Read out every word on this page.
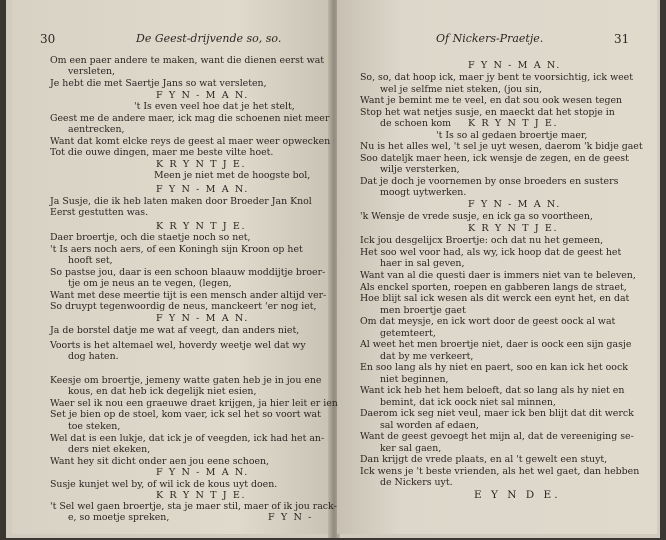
30	De Geest-drijvende so, so.	Of Nickers-Praetje.	31
Om een paer andere te maken, want die dienen eerst wat
versleten,
Je hebt die met Saertje Jans so wat versleten,
F Y N - M A N.
't Is even veel hoe dat je het stelt,
Geest me de andere maer, ick mag die schoenen niet meer
aentrecken,
Want dat komt elcke reys de geest al maer weer opwecken
Tot die ouwe dingen, maer me beste vilte hoet.
K R Y N T J E.
Meen je niet met de hoogste bol,
Ja Susje, die ik heb laten maken door Broeder Jan Knol
Eerst gestutten was.
F Y N - M A N.
Daer broertje, och die staetje noch so net,
Voorts is het altemael wel, hoverdy weetje wel dat wy
dog haten.
K R Y N T J E.
't Is aers noch aers, of een Koningh sijn Kroon op het
hooft set,
So pastse jou, daar is een schoon blaauw moddijtje broer-
tje om je neus an te vegen, (legen,
Want met dese meertie tijt is een mensch ander altijd ver-
So druypt tegenwoordig de neus, manckeert 'er nog iet,
F Y N - M A N.
Ja de borstel datje me wat af veegt, dan anders niet,
Keesje om broertje, jemeny watte gaten heb je in jou ene
kous, en dat heb ick degelijk niet esien,
Waer sel ik nou een graeuwe draet krijgen, ja hier leit er ien
Set je bien op de stoel, kom vaer, ick sel het so voort wat
toe steken,
Wel dat is een lukje, dat ick je of veegden, ick had het an-
ders niet ekeken,
Want hey sit dicht onder aen jou eene schoen,
F Y N - M A N.
Susje kunjet wel by, of wil ick de kous uyt doen.
K R Y N T J E.
't Sel wel gaen broertje, sta je maer stil, maer of ik jou rack-
e, so moetje spreken,	F Y N -
F Y N - M A N.
So, so, dat hoop ick, maer jy bent te voorsichtig, ick weet
wel je selfme niet steken, (jou sin,
Want je bemint me te veel, en dat sou ook wesen tegen
Stop het wat netjes susje, en maeckt dat het stopje in
de schoen kom K R Y N T J E.
't Is so al gedaen broertje maer,
Nu is het alles wel, 't sel je uyt wesen, daerom 'k bidje gaet
Soo dateljk maer heen, ick wensje de zegen, en de geest
wilje versterken,
Dat je doch je voornemen by onse broeders en susters
moogt uytwerken.
F Y N - M A N.
'k Wensje de vrede susje, en ick ga so voortheen,
K R Y N T J E.
Ick jou desgelijcx Broertje: och dat nu het gemeen,
Het soo wel voor had, als wy, ick hoop dat de geest het
haer in sal geven,
Want van al die questi daer is immers niet van te beleven,
Als enckel sporten, roepen en gabberen langs de straet,
Hoe blijt sal ick wesen als dit werck een eynt het, en dat
men broertje gaet
Om dat meysje, en ick wort door de geest oock al wat
getemteert,
Al weet het men broertje niet, daer is oock een sijn gasje
dat by me verkeert,
En soo lang als hy niet en paert, soo en kan ick het oock
niet beginnen,
Want ick heb het hem beloeft, dat so lang als hy niet en
bemint, dat ick oock niet sal minnen,
Daerom ick seg niet veul, maer ick ben blijt dat dit werck
sal worden af edaen,
Want de geest gevoegt het mijn al, dat de vereeniging se-
ker sal gaen,
Dan krijgt de vrede plaats, en al 't gewelt een stuyt,
Ick wens je 't beste vrienden, als het wel gaet, dan hebben
de Nickers uyt.
E Y N D E.
